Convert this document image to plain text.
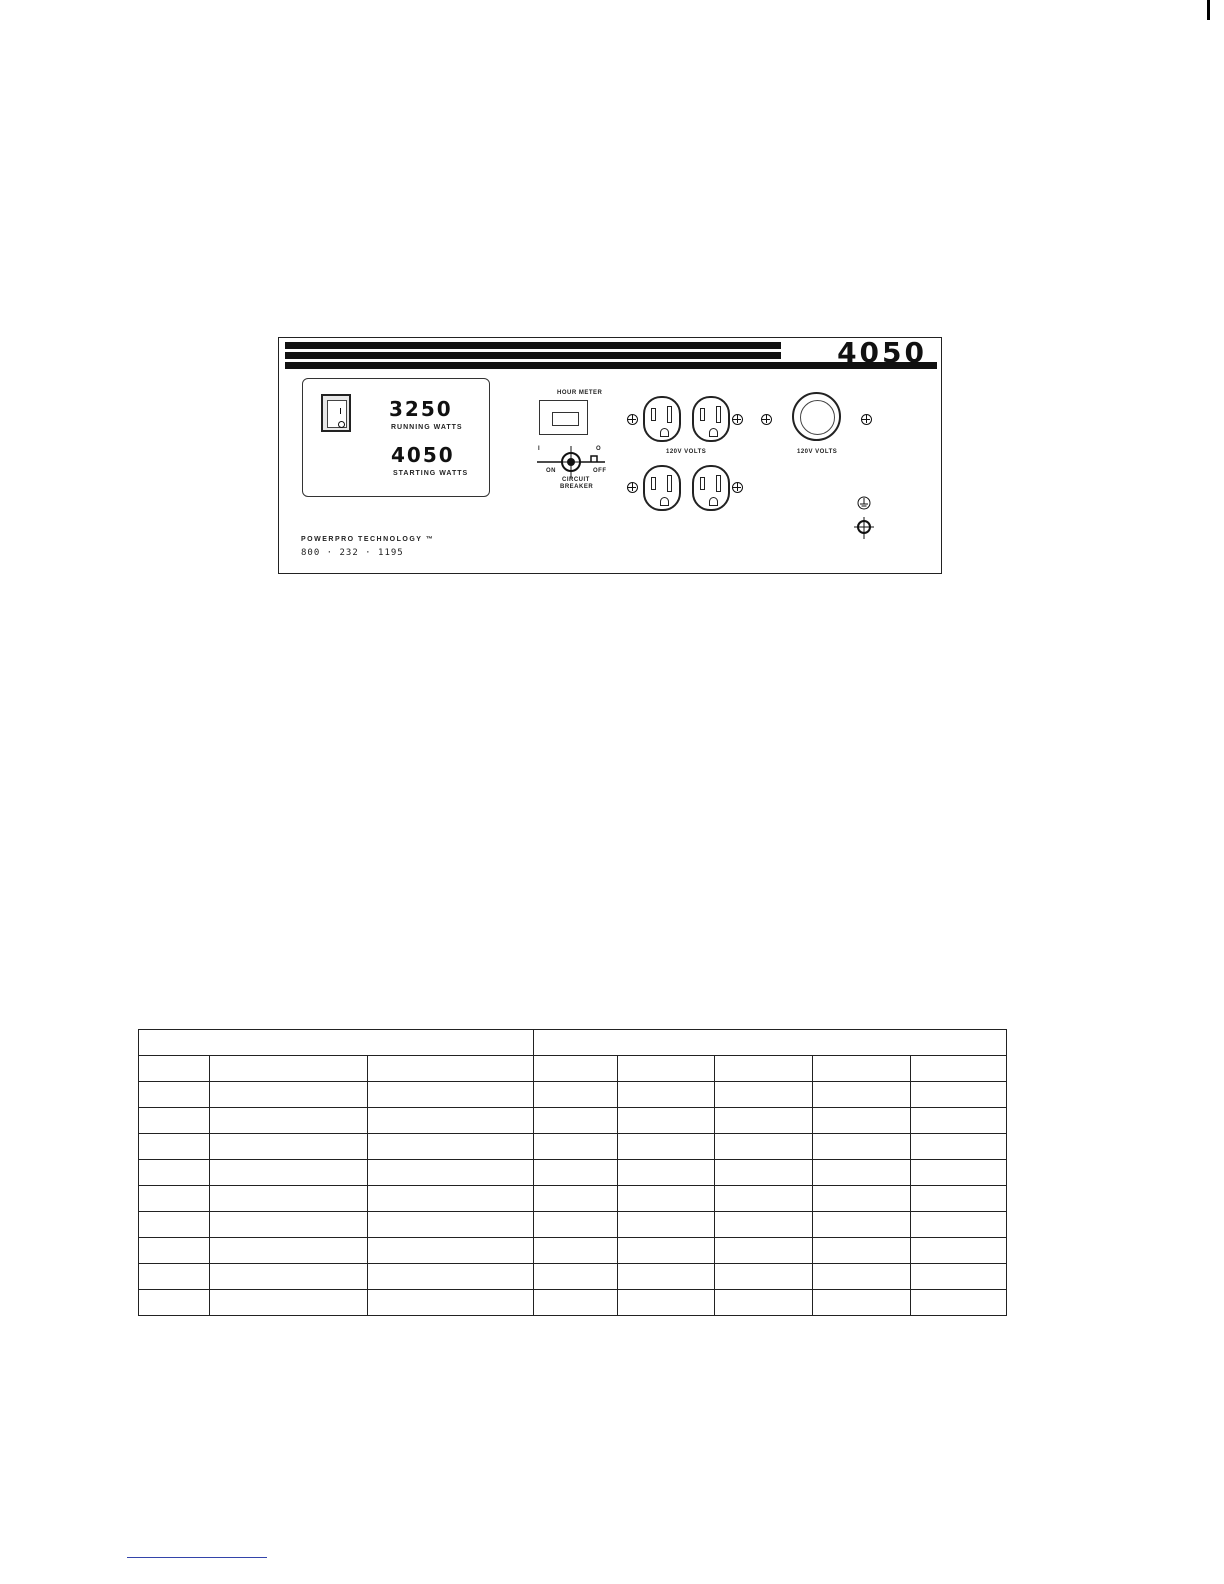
4050
3250
RUNNING WATTS
4050
STARTING WATTS
HOUR METER
I	O
ON	OFF
CIRCUIT
BREAKER
120V VOLTS	120V VOLTS
POWERPRO TECHNOLOGY ™
800 · 232 · 1195
